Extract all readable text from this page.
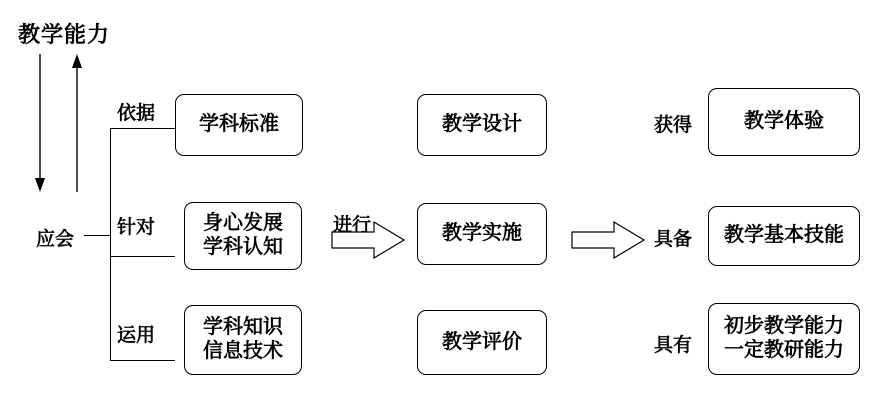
教学能力
应会
依据
针对
运用
学科标准
身心发展
学科认知
学科知识
信息技术
进行
教学设计
教学实施
教学评价
获得
具备
具有
教学体验
教学基本技能
初步教学能力
一定教研能力
